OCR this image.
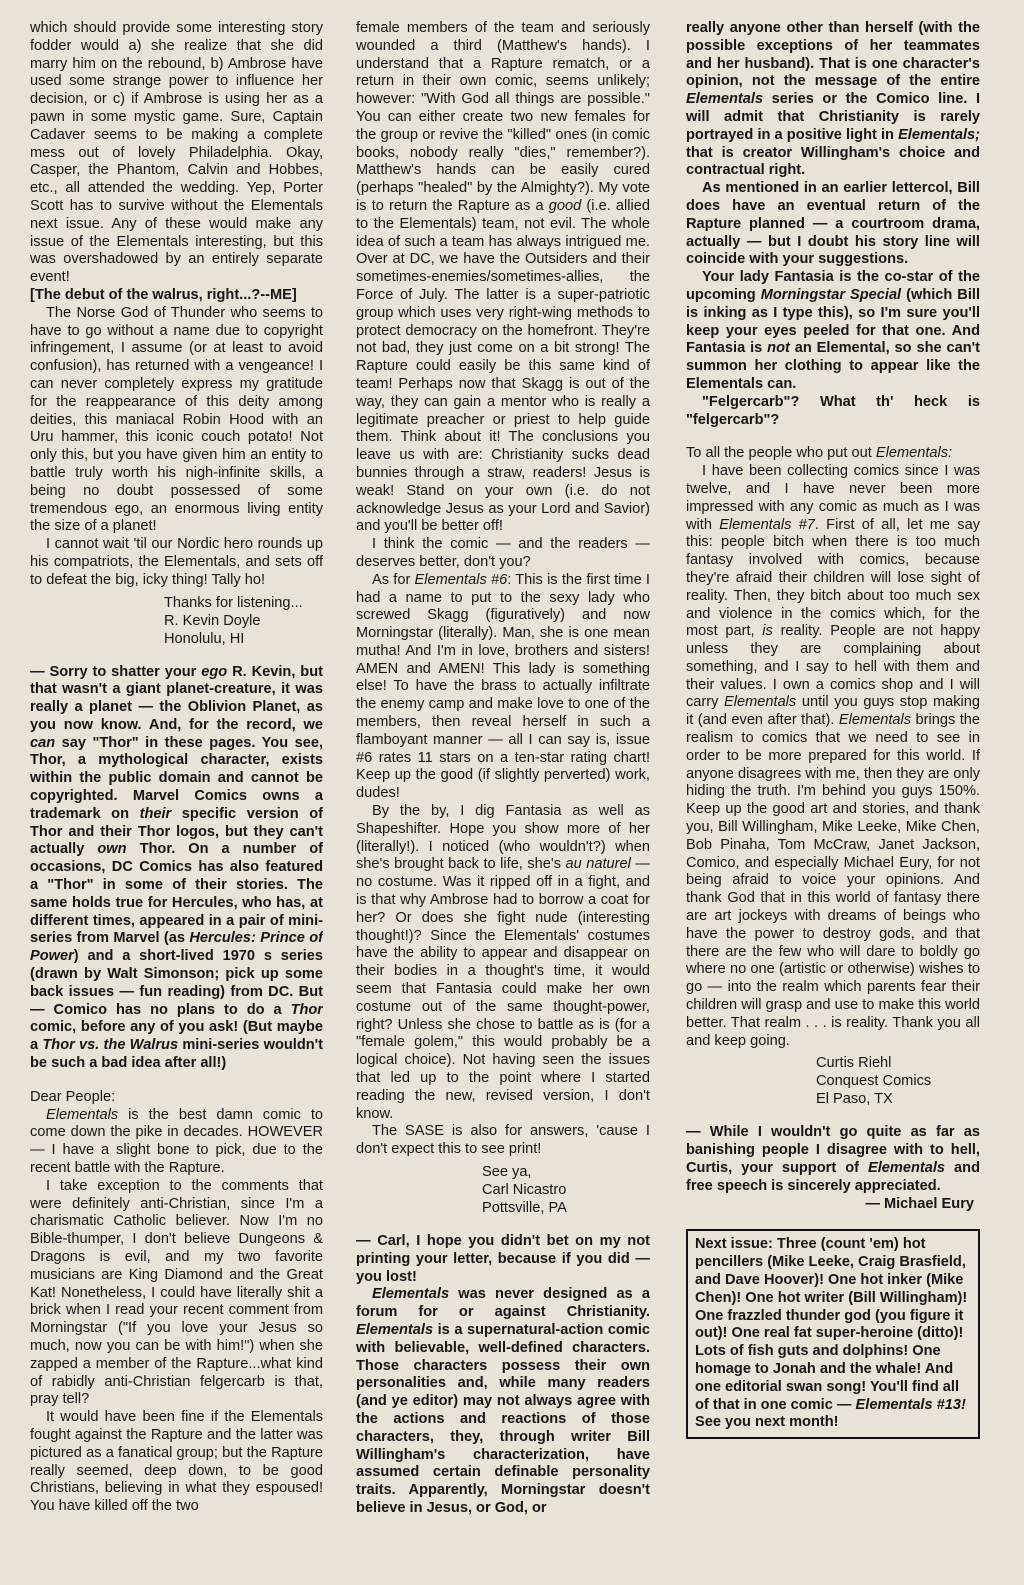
which should provide some interesting story fodder would a) she realize that she did marry him on the rebound, b) Ambrose have used some strange power to influence her decision, or c) if Ambrose is using her as a pawn in some mystic game. Sure, Captain Cadaver seems to be making a complete mess out of lovely Philadelphia. Okay, Casper, the Phantom, Calvin and Hobbes, etc., all attended the wedding. Yep, Porter Scott has to survive without the Elementals next issue. Any of these would make any issue of the Elementals interesting, but this was overshadowed by an entirely separate event!

[The debut of the walrus, right...?--ME]

The Norse God of Thunder who seems to have to go without a name due to copyright infringement, I assume (or at least to avoid confusion), has returned with a vengeance! I can never completely express my gratitude for the reappearance of this deity among deities, this maniacal Robin Hood with an Uru hammer, this iconic couch potato! Not only this, but you have given him an entity to battle truly worth his nigh-infinite skills, a being no doubt possessed of some tremendous ego, an enormous living entity the size of a planet!

I cannot wait 'til our Nordic hero rounds up his compatriots, the Elementals, and sets off to defeat the big, icky thing! Tally ho!

Thanks for listening...
R. Kevin Doyle
Honolulu, HI

— Sorry to shatter your ego R. Kevin, but that wasn't a giant planet-creature, it was really a planet — the Oblivion Planet, as you now know. And, for the record, we can say "Thor" in these pages. You see, Thor, a mythological character, exists within the public domain and cannot be copyrighted. Marvel Comics owns a trademark on their specific version of Thor and their Thor logos, but they can't actually own Thor. On a number of occasions, DC Comics has also featured a "Thor" in some of their stories. The same holds true for Hercules, who has, at different times, appeared in a pair of mini-series from Marvel (as Hercules: Prince of Power) and a short-lived 1970 s series (drawn by Walt Simonson; pick up some back issues — fun reading) from DC. But — Comico has no plans to do a Thor comic, before any of you ask! (But maybe a Thor vs. the Walrus mini-series wouldn't be such a bad idea after all!)

Dear People:

Elementals is the best damn comic to come down the pike in decades. HOWEVER — I have a slight bone to pick, due to the recent battle with the Rapture.

I take exception to the comments that were definitely anti-Christian, since I'm a charismatic Catholic believer. Now I'm no Bible-thumper, I don't believe Dungeons & Dragons is evil, and my two favorite musicians are King Diamond and the Great Kat! Nonetheless, I could have literally shit a brick when I read your recent comment from Morningstar ("If you love your Jesus so much, now you can be with him!") when she zapped a member of the Rapture...what kind of rabidly anti-Christian felgercarb is that, pray tell?

It would have been fine if the Elementals fought against the Rapture and the latter was pictured as a fanatical group; but the Rapture really seemed, deep down, to be good Christians, believing in what they espoused! You have killed off the two

female members of the team and seriously wounded a third (Matthew's hands). I understand that a Rapture rematch, or a return in their own comic, seems unlikely; however: "With God all things are possible." You can either create two new females for the group or revive the "killed" ones (in comic books, nobody really "dies," remember?). Matthew's hands can be easily cured (perhaps "healed" by the Almighty?). My vote is to return the Rapture as a good (i.e. allied to the Elementals) team, not evil. The whole idea of such a team has always intrigued me. Over at DC, we have the Outsiders and their sometimes-enemies/sometimes-allies, the Force of July. The latter is a super-patriotic group which uses very right-wing methods to protect democracy on the homefront. They're not bad, they just come on a bit strong! The Rapture could easily be this same kind of team! Perhaps now that Skagg is out of the way, they can gain a mentor who is really a legitimate preacher or priest to help guide them. Think about it! The conclusions you leave us with are: Christianity sucks dead bunnies through a straw, readers! Jesus is weak! Stand on your own (i.e. do not acknowledge Jesus as your Lord and Savior) and you'll be better off!

I think the comic — and the readers — deserves better, don't you?

As for Elementals #6: This is the first time I had a name to put to the sexy lady who screwed Skagg (figuratively) and now Morningstar (literally). Man, she is one mean mutha! And I'm in love, brothers and sisters! AMEN and AMEN! This lady is something else! To have the brass to actually infiltrate the enemy camp and make love to one of the members, then reveal herself in such a flamboyant manner — all I can say is, issue #6 rates 11 stars on a ten-star rating chart! Keep up the good (if slightly perverted) work, dudes!

By the by, I dig Fantasia as well as Shapeshifter. Hope you show more of her (literally!). I noticed (who wouldn't?) when she's brought back to life, she's au naturel — no costume. Was it ripped off in a fight, and is that why Ambrose had to borrow a coat for her? Or does she fight nude (interesting thought!)? Since the Elementals' costumes have the ability to appear and disappear on their bodies in a thought's time, it would seem that Fantasia could make her own costume out of the same thought-power, right? Unless she chose to battle as is (for a "female golem," this would probably be a logical choice). Not having seen the issues that led up to the point where I started reading the new, revised version, I don't know.

The SASE is also for answers, 'cause I don't expect this to see print!

See ya,
Carl Nicastro
Pottsville, PA

— Carl, I hope you didn't bet on my not printing your letter, because if you did — you lost!

Elementals was never designed as a forum for or against Christianity. Elementals is a supernatural-action comic with believable, well-defined characters. Those characters possess their own personalities and, while many readers (and ye editor) may not always agree with the actions and reactions of those characters, they, through writer Bill Willingham's characterization, have assumed certain definable personality traits. Apparently, Morningstar doesn't believe in Jesus, or God, or

really anyone other than herself (with the possible exceptions of her teammates and her husband). That is one character's opinion, not the message of the entire Elementals series or the Comico line. I will admit that Christianity is rarely portrayed in a positive light in Elementals; that is creator Willingham's choice and contractual right.

As mentioned in an earlier lettercol, Bill does have an eventual return of the Rapture planned — a courtroom drama, actually — but I doubt his story line will coincide with your suggestions.

Your lady Fantasia is the co-star of the upcoming Morningstar Special (which Bill is inking as I type this), so I'm sure you'll keep your eyes peeled for that one. And Fantasia is not an Elemental, so she can't summon her clothing to appear like the Elementals can.

"Felgercarb"? What th' heck is "felgercarb"?

To all the people who put out Elementals:

I have been collecting comics since I was twelve, and I have never been more impressed with any comic as much as I was with Elementals #7. First of all, let me say this: people bitch when there is too much fantasy involved with comics, because they're afraid their children will lose sight of reality. Then, they bitch about too much sex and violence in the comics which, for the most part, is reality. People are not happy unless they are complaining about something, and I say to hell with them and their values. I own a comics shop and I will carry Elementals until you guys stop making it (and even after that). Elementals brings the realism to comics that we need to see in order to be more prepared for this world. If anyone disagrees with me, then they are only hiding the truth. I'm behind you guys 150%. Keep up the good art and stories, and thank you, Bill Willingham, Mike Leeke, Mike Chen, Bob Pinaha, Tom McCraw, Janet Jackson, Comico, and especially Michael Eury, for not being afraid to voice your opinions. And thank God that in this world of fantasy there are art jockeys with dreams of beings who have the power to destroy gods, and that there are the few who will dare to boldly go where no one (artistic or otherwise) wishes to go — into the realm which parents fear their children will grasp and use to make this world better. That realm . . . is reality. Thank you all and keep going.

Curtis Riehl
Conquest Comics
El Paso, TX

— While I wouldn't go quite as far as banishing people I disagree with to hell, Curtis, your support of Elementals and free speech is sincerely appreciated.

— Michael Eury

Next issue: Three (count 'em) hot pencillers (Mike Leeke, Craig Brasfield, and Dave Hoover)! One hot inker (Mike Chen)! One hot writer (Bill Willingham)! One frazzled thunder god (you figure it out)! One real fat super-heroine (ditto)! Lots of fish guts and dolphins! One homage to Jonah and the whale! And one editorial swan song! You'll find all of that in one comic — Elementals #13! See you next month!
